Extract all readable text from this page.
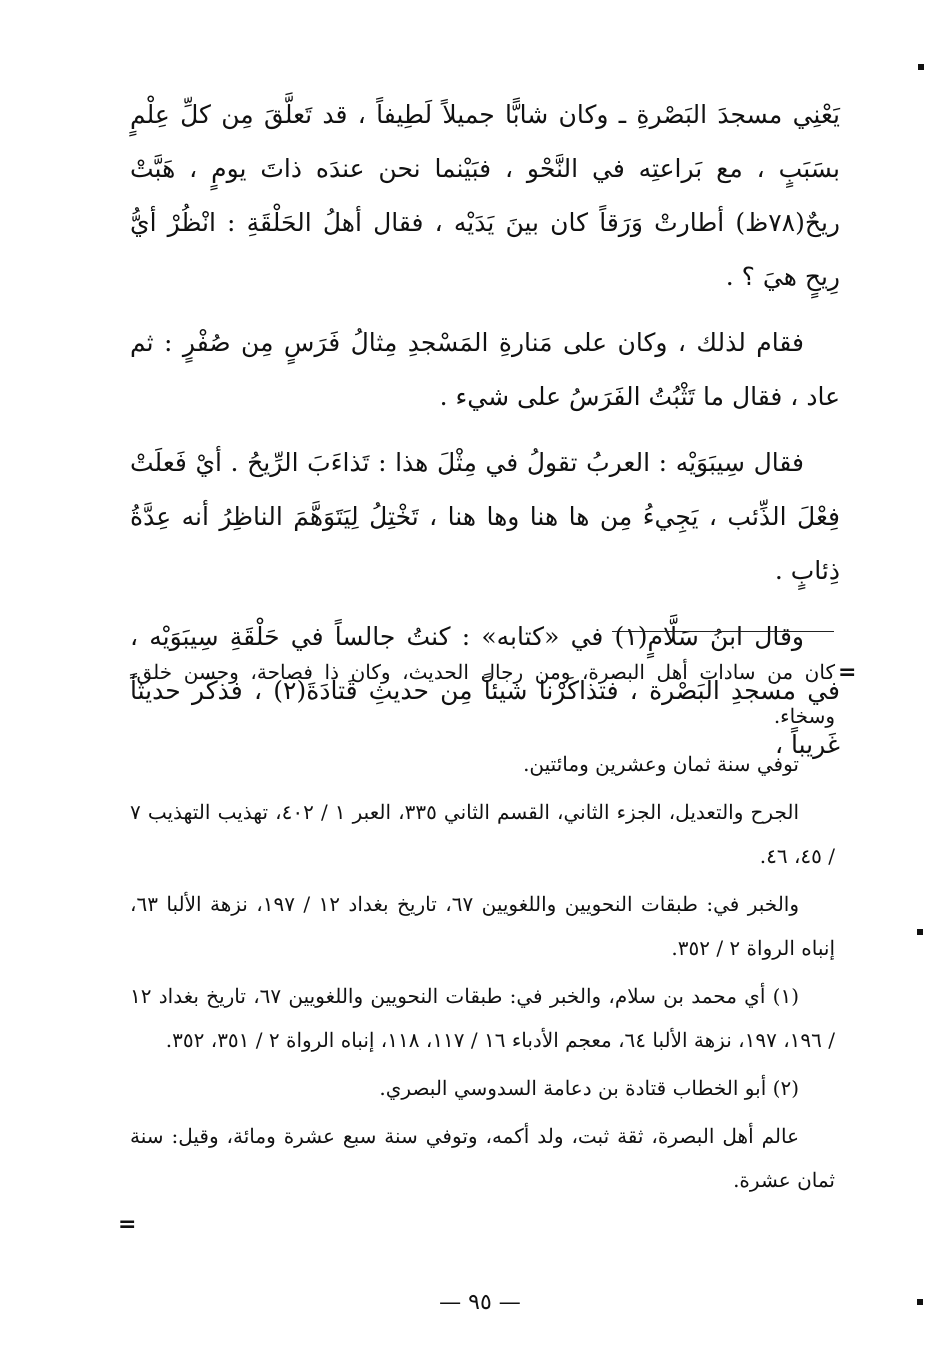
يَعْنِي مسجدَ البَصْرةِ ـ وكان شابًّا جميلاً لَطِيفاً ، قد تَعلَّقَ مِن كلِّ عِلْمٍ بسَبَبٍ ، مع بَراعتِه في النَّحْو ، فبَيْنما نحن عندَه ذاتَ يومٍ ، هَبَّتْ ريحٌ(٧٨ظ) أطارتْ وَرَقاً كان بينَ يَدَيْه ، فقال أهلُ الحَلْقَةِ : انْظُرْ أيُّ رِيحٍ هيَ ؟ .

فقام لذلك ، وكان على مَنارةِ المَسْجدِ مِثالُ فَرَسٍ مِن صُفْرٍ : ثم عاد ، فقال ما تَثْبُتُ الفَرَسُ على شيء .

فقال سِيبَوَيْه : العربُ تقولُ في مِثْلَ هذا : تَذاءَبَ الرِّيحُ . أيْ فَعلَتْ فِعْلَ الذِّئب ، يَجِيءُ مِن ها هنا وها هنا ، تَخْتِلُ لِيَتَوَهَّمَ الناظِرُ أنه عِدَّةُ ذِئابٍ .

وقال ابنُ سَلَّامٍ(١) في «كتابه» : كنتُ جالساً في حَلْقَةِ سِيبَوَيْه ، في مسجدِ البَصْرة ، فتذاكَرْنا شيئاً مِن حديثِ قَتادَةَ(٢) ، فذكَر حديثاً غَريباً ،

=

كان من سادات أهل البصرة، ومن رجال الحديث، وكان ذا فصاحة، وحسن خلق، وسخاء.

توفي سنة ثمان وعشرين ومائتين.

الجرح والتعديل، الجزء الثاني، القسم الثاني ٣٣٥، العبر ١ / ٤٠٢، تهذيب التهذيب ٧ / ٤٥، ٤٦.

والخبر في: طبقات النحويين واللغويين ٦٧، تاريخ بغداد ١٢ / ١٩٧، نزهة الألبا ٦٣، إنباه الرواة ٢ / ٣٥٢.

(١) أي محمد بن سلام، والخبر في: طبقات النحويين واللغويين ٦٧، تاريخ بغداد ١٢ / ١٩٦، ١٩٧، نزهة الألبا ٦٤، معجم الأدباء ١٦ / ١١٧، ١١٨، إنباه الرواة ٢ / ٣٥١، ٣٥٢.

(٢) أبو الخطاب قتادة بن دعامة السدوسي البصري.

عالم أهل البصرة، ثقة ثبت، ولد أكمه، وتوفي سنة سبع عشرة ومائة، وقيل: سنة ثمان عشرة.

=
— ٩٥ —
